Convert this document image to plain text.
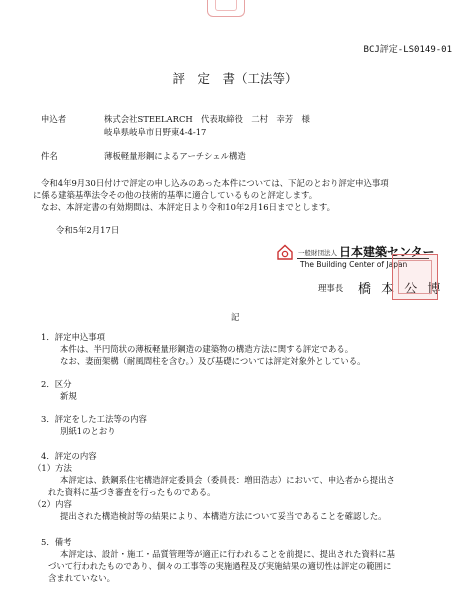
BCJ評定-LS0149-01
評　定　書（工法等）
申込者	株式会社STEELARCH　代表取締役　二村　幸芳　様
岐阜県岐阜市日野東4-4-17
件名	薄板軽量形鋼によるアーチシェル構造
令和4年9月30日付けで評定の申し込みのあった本件については、下記のとおり評定申込事項
に係る建築基準法令その他の技術的基準に適合しているものと評定します。
なお、本評定書の有効期間は、本評定日より令和10年2月16日までとします。
令和5年2月17日
一般財団法人 日本建築センター
The Building Center of Japan
理事長 橋 本 公 博
記
1．評定申込事項
本件は、半円筒状の薄板軽量形鋼造の建築物の構造方法に関する評定である。
なお、妻面架構（耐風間柱を含む。）及び基礎については評定対象外としている。
2．区分
新規
3．評定をした工法等の内容
別紙1のとおり
4．評定の内容
（1）方法
本評定は、鉄鋼系住宅構造評定委員会（委員長：増田浩志）において、申込者から提出さ
れた資料に基づき審査を行ったものである。
（2）内容
提出された構造検討等の結果により、本構造方法について妥当であることを確認した。
5．備考
本評定は、設計・施工・品質管理等が適正に行われることを前提に、提出された資料に基
づいて行われたものであり、個々の工事等の実施過程及び実施結果の適切性は評定の範囲に
含まれていない。
